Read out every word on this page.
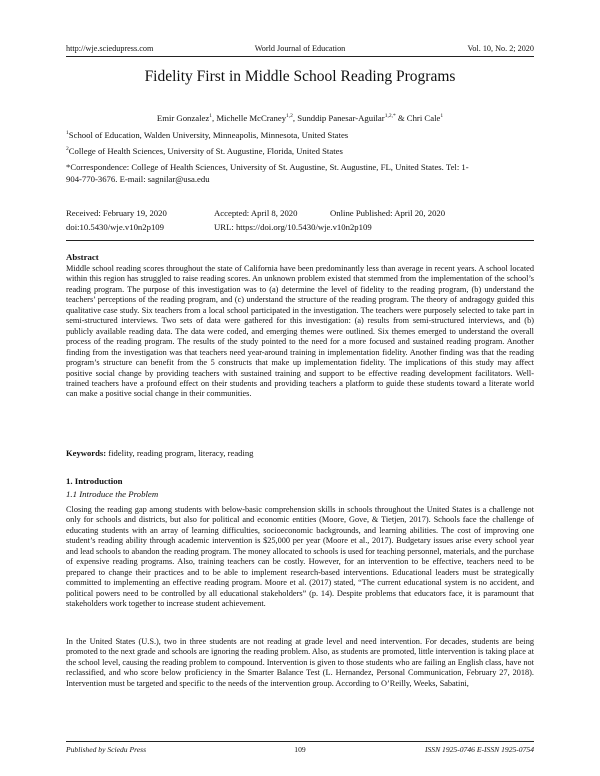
http://wje.sciedupress.com	World Journal of Education	Vol. 10, No. 2; 2020
Fidelity First in Middle School Reading Programs
Emir Gonzalez$^1$, Michelle McCraney$^{1,2}$, Sunddip Panesar-Aguilar$^{1,2,*}$ & Chri Cale$^1$
$^1$School of Education, Walden University, Minneapolis, Minnesota, United States
$^2$College of Health Sciences, University of St. Augustine, Florida, United States
*Correspondence: College of Health Sciences, University of St. Augustine, St. Augustine, FL, United States. Tel: 1-
904-770-3676. E-mail: sagnilar@usa.edu
Received: February 19, 2020	Accepted: April 8, 2020	Online Published: April 20, 2020
doi:10.5430/wje.v10n2p109	URL: https://doi.org/10.5430/wje.v10n2p109
Abstract
Middle school reading scores throughout the state of California have been predominantly less than average in recent years. A school located within this region has struggled to raise reading scores. An unknown problem existed that stemmed from the implementation of the school’s reading program. The purpose of this investigation was to (a) determine the level of fidelity to the reading program, (b) understand the teachers’ perceptions of the reading program, and (c) understand the structure of the reading program. The theory of andragogy guided this qualitative case study. Six teachers from a local school participated in the investigation. The teachers were purposely selected to take part in semi-structured interviews. Two sets of data were gathered for this investigation: (a) results from semi-structured interviews, and (b) publicly available reading data. The data were coded, and emerging themes were outlined. Six themes emerged to understand the overall process of the reading program. The results of the study pointed to the need for a more focused and sustained reading program. Another finding from the investigation was that teachers need year-around training in implementation fidelity. Another finding was that the reading program’s structure can benefit from the 5 constructs that make up implementation fidelity. The implications of this study may affect positive social change by providing teachers with sustained training and support to be effective reading development facilitators. Well-trained teachers have a profound effect on their students and providing teachers a platform to guide these students toward a literate world can make a positive social change in their communities.
Keywords: fidelity, reading program, literacy, reading
1. Introduction
1.1 Introduce the Problem
Closing the reading gap among students with below-basic comprehension skills in schools throughout the United States is a challenge not only for schools and districts, but also for political and economic entities (Moore, Gove, & Tietjen, 2017). Schools face the challenge of educating students with an array of learning difficulties, socioeconomic backgrounds, and learning abilities. The cost of improving one student’s reading ability through academic intervention is $25,000 per year (Moore et al., 2017). Budgetary issues arise every school year and lead schools to abandon the reading program. The money allocated to schools is used for teaching personnel, materials, and the purchase of expensive reading programs. Also, training teachers can be costly. However, for an intervention to be effective, teachers need to be prepared to change their practices and to be able to implement research-based interventions. Educational leaders must be strategically committed to implementing an effective reading program. Moore et al. (2017) stated, “The current educational system is no accident, and political powers need to be controlled by all educational stakeholders” (p. 14). Despite problems that educators face, it is paramount that stakeholders work together to increase student achievement.
In the United States (U.S.), two in three students are not reading at grade level and need intervention. For decades, students are being promoted to the next grade and schools are ignoring the reading problem. Also, as students are promoted, little intervention is taking place at the school level, causing the reading problem to compound. Intervention is given to those students who are failing an English class, have not reclassified, and who score below proficiency in the Smarter Balance Test (L. Hernandez, Personal Communication, February 27, 2018). Intervention must be targeted and specific to the needs of the intervention group. According to O’Reilly, Weeks, Sabatini,
Published by Sciedu Press	109	ISSN 1925-0746 E-ISSN 1925-0754
